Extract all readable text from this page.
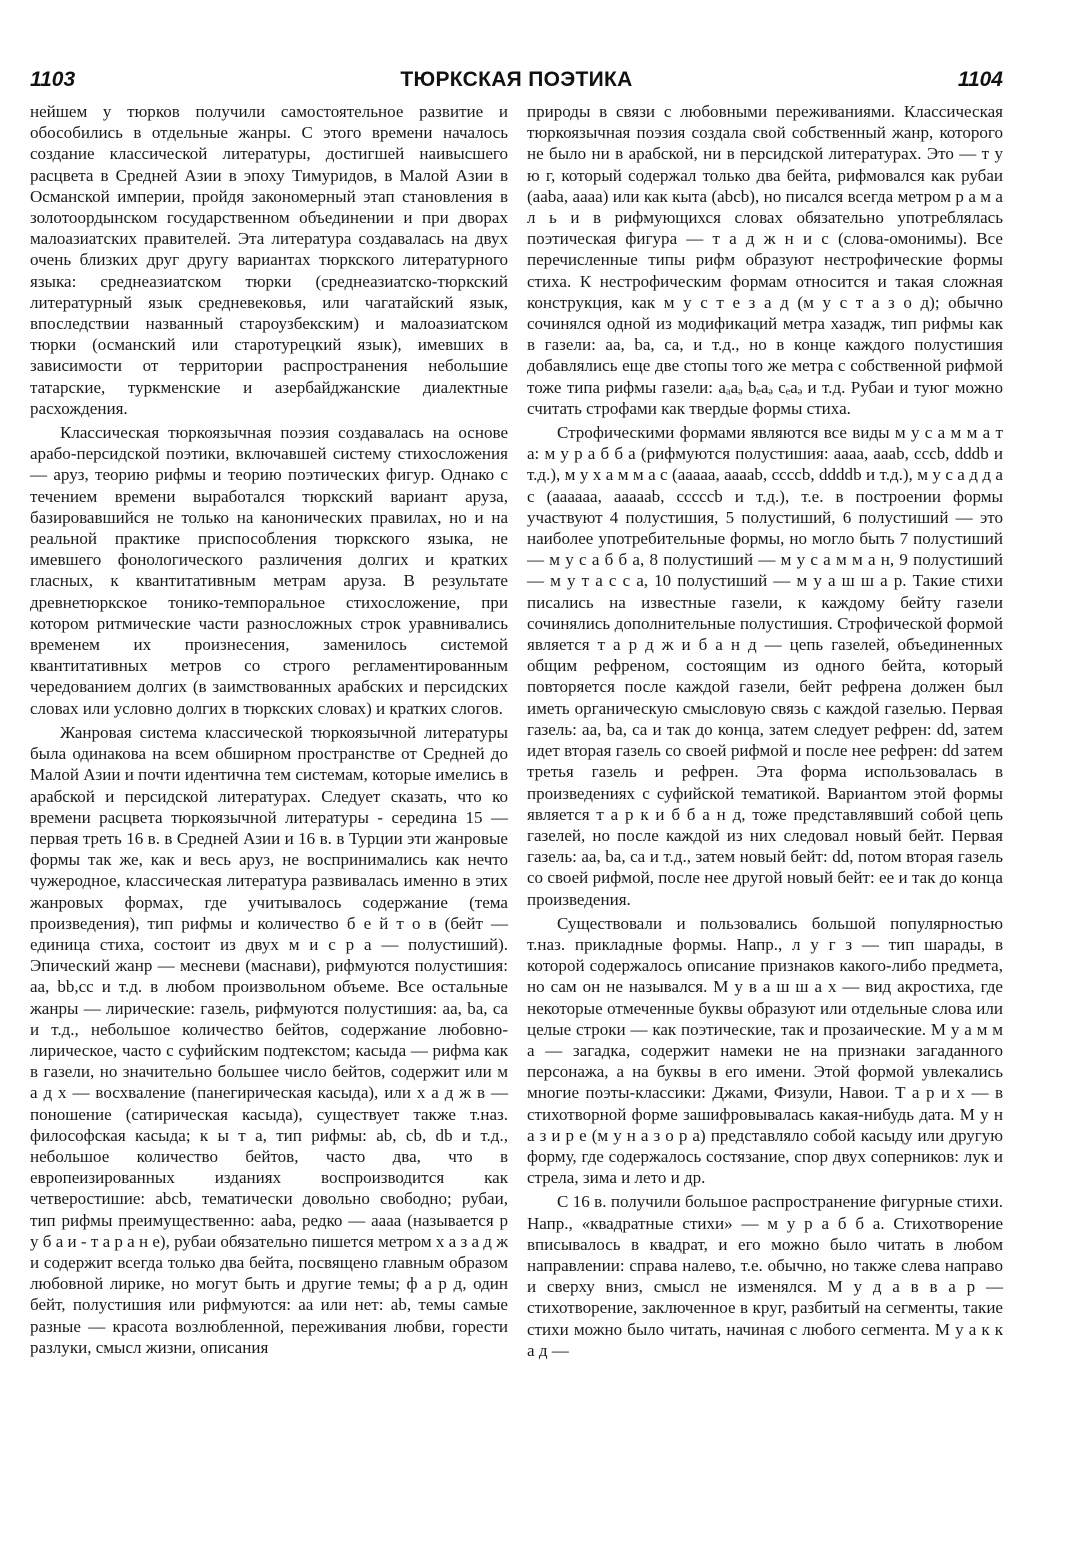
1103	ТЮРКСКАЯ ПОЭТИКА	1104

нейшем у тюрков получили самостоятельное развитие и обособились в отдельные жанры. С этого времени началось создание классической литературы, достигшей наивысшего расцвета в Средней Азии в эпоху Тимуридов, в Малой Азии в Османской империи, пройдя закономерный этап становления в золотоордынском государственном объединении и при дворах малоазиатских правителей. Эта литература создавалась на двух очень близких друг другу вариантах тюркского литературного языка: среднеазиатском тюрки (среднеазиатско-тюркский литературный язык средневековья, или чагатайский язык, впоследствии названный староузбекским) и малоазиатском тюрки (османский или старотурецкий язык), имевших в зависимости от территории распространения небольшие татарские, туркменские и азербайджанские диалектные расхождения.

Классическая тюркоязычная поэзия создавалась на основе арабо-персидской поэтики, включавшей систему стихосложения — аруз, теорию рифмы и теорию поэтических фигур. Однако с течением времени выработался тюркский вариант аруза, базировавшийся не только на канонических правилах, но и на реальной практике приспособления тюркского языка, не имевшего фонологического различения долгих и кратких гласных, к квантитативным метрам аруза. В результате древнетюркское тонико-темпоральное стихосложение, при котором ритмические части разносложных строк уравнивались временем их произнесения, заменилось системой квантитативных метров со строго регламентированным чередованием долгих (в заимствованных арабских и персидских словах или условно долгих в тюркских словах) и кратких слогов.

Жанровая система классической тюркоязычной литературы была одинакова на всем обширном пространстве от Средней до Малой Азии и почти идентична тем системам, которые имелись в арабской и персидской литературах. Следует сказать, что ко времени расцвета тюркоязычной литературы - середина 15 — первая треть 16 в. в Средней Азии и 16 в. в Турции эти жанровые формы так же, как и весь аруз, не воспринимались как нечто чужеродное, классическая литература развивалась именно в этих жанровых формах, где учитывалось содержание (тема произведения), тип рифмы и количество б е й т о в (бейт — единица стиха, состоит из двух м и с р а — полустиший). Эпический жанр — месневи (маснави), рифмуются полустишия: аа, bb,cc и т.д. в любом произвольном объеме. Все остальные жанры — лирические: газель, рифмуются полустишия: аа, ba, ca и т.д., небольшое количество бейтов, содержание любовно-лирическое, часто с суфийским подтекстом; касыда — рифма как в газели, но значительно большее число бейтов, содержит или м а д х — восхваление (панегирическая касыда), или х а д ж в — поношение (сатирическая касыда), существует также т.наз. философская касыда; к ы т а, тип рифмы: ab, cb, db и т.д., небольшое количество бейтов, часто два, что в европеизированных изданиях воспроизводится как четверостишие: abcb, тематически довольно свободно; рубаи, тип рифмы преимущественно: aaba, редко — aaaa (называется р у б а и - т а р а н е), рубаи обязательно пишется метром х а з а д ж и содержит всегда только два бейта, посвящено главным образом любовной лирике, но могут быть и другие темы; ф а р д, один бейт, полустишия или рифмуются: аа или нет: ab, темы самые разные — красота возлюбленной, переживания любви, горести разлуки, смысл жизни, описания

природы в связи с любовными переживаниями. Классическая тюркоязычная поэзия создала свой собственный жанр, которого не было ни в арабской, ни в персидской литературах. Это — т у ю г, который содержал только два бейта, рифмовался как рубаи (aaba, aaaa) или как кыта (abcb), но писался всегда метром р а м а л ь и в рифмующихся словах обязательно употреблялась поэтическая фигура — т а д ж н и с (слова-омонимы). Все перечисленные типы рифм образуют нестрофические формы стиха. К нестрофическим формам относится и такая сложная конструкция, как м у с т е з а д (м у с т а з о д); обычно сочинялся одной из модификаций метра хазадж, тип рифмы как в газели: aa, ba, ca, и т.д., но в конце каждого полустишия добавлялись еще две стопы того же метра с собственной рифмой тоже типа рифмы газели: aₐaₔ bₑaₔ cₑaₔ и т.д. Рубаи и туюг можно считать строфами как твердые формы стиха.

Строфическими формами являются все виды м у с а м м а т а: м у р а б б а (рифмуются полустишия: aaaa, aaab, cccb, dddb и т.д.), м у х а м м а с (aaaaa, aaaab, ccccb, ddddb и т.д.), м у с а д д а с (aaaaaa, aaaaab, cccccb и т.д.), т.е. в построении формы участвуют 4 полустишия, 5 полустиший, 6 полустиший — это наиболее употребительные формы, но могло быть 7 полустиший — м у с а б б а, 8 полустиший — м у с а м м а н, 9 полустиший — м у т а с с а, 10 полустиший — м у а ш ш а р. Такие стихи писались на известные газели, к каждому бейту газели сочинялись дополнительные полустишия. Строфической формой является т а р д ж и б а н д — цепь газелей, объединенных общим рефреном, состоящим из одного бейта, который повторяется после каждой газели, бейт рефрена должен был иметь органическую смысловую связь с каждой газелью. Первая газель: aa, ba, ca и так до конца, затем следует рефрен: dd, затем идет вторая газель со своей рифмой и после нее рефрен: dd затем третья газель и рефрен. Эта форма использовалась в произведениях с суфийской тематикой. Вариантом этой формы является т а р к и б б а н д, тоже представлявший собой цепь газелей, но после каждой из них следовал новый бейт. Первая газель: aa, ba, ca и т.д., затем новый бейт: dd, потом вторая газель со своей рифмой, после нее другой новый бейт: ee и так до конца произведения.

Существовали и пользовались большой популярностью т.наз. прикладные формы. Напр., л у г з — тип шарады, в которой содержалось описание признаков какого-либо предмета, но сам он не назывался. М у в а ш ш а х — вид акростиха, где некоторые отмеченные буквы образуют или отдельные слова или целые строки — как поэтические, так и прозаические. М у а м м а — загадка, содержит намеки не на признаки загаданного персонажа, а на буквы в его имени. Этой формой увлекались многие поэты-классики: Джами, Физули, Навои. Т а р и х — в стихотворной форме зашифровывалась какая-нибудь дата. М у н а з и р е (м у н а з о р а) представляло собой касыду или другую форму, где содержалось состязание, спор двух соперников: лук и стрела, зима и лето и др.

С 16 в. получили большое распространение фигурные стихи. Напр., «квадратные стихи» — м у р а б б а. Стихотворение вписывалось в квадрат, и его можно было читать в любом направлении: справа налево, т.е. обычно, но также слева направо и сверху вниз, смысл не изменялся. М у д а в в а р — стихотворение, заключенное в круг, разбитый на сегменты, такие стихи можно было читать, начиная с любого сегмента. М у а к к а д —
